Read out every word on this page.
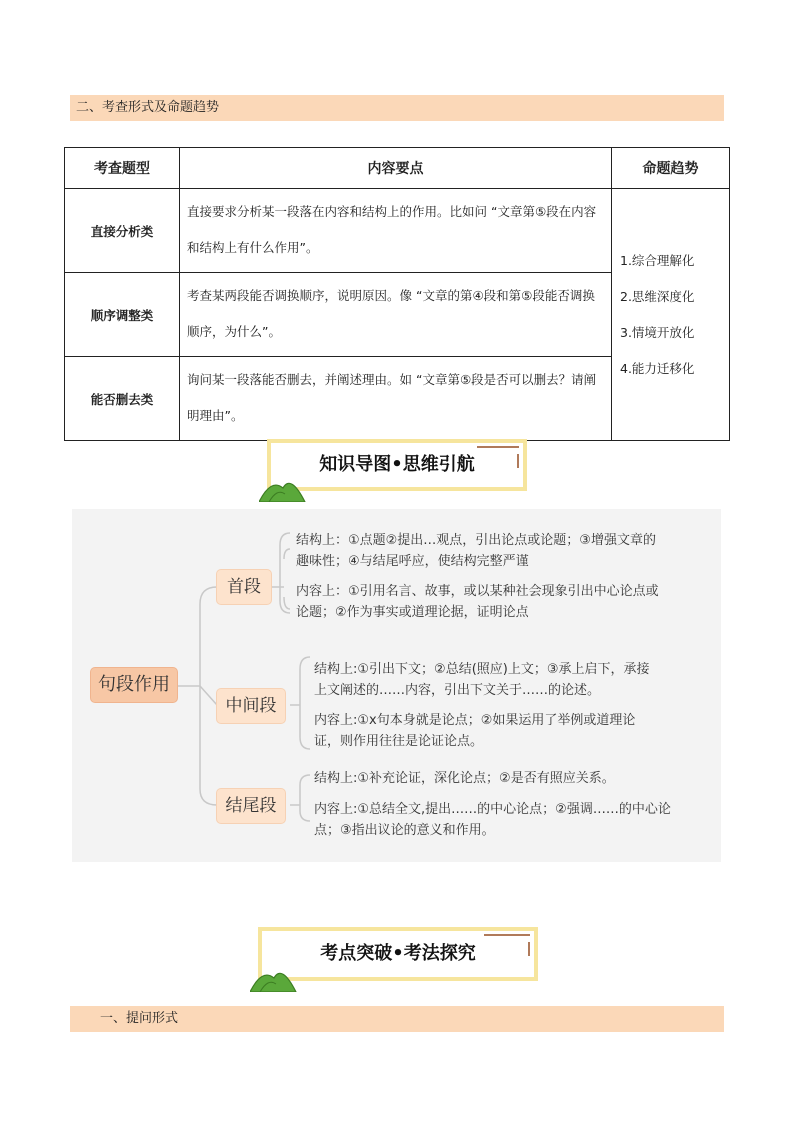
二、考查形式及命题趋势
考查题型	内容要点	命题趋势
直接分析类	直接要求分析某一段落在内容和结构上的作用。比如问 “文章第⑤段在内容和结构上有什么作用”。	1.综合理解化
2.思维深度化
3.情境开放化
4.能力迁移化

顺序调整类	考查某两段能否调换顺序，说明原因。像 “文章的第④段和第⑤段能否调换顺序，为什么”。	
能否删去类	询问某一段落能否删去，并阐述理由。如 “文章第⑤段是否可以删去？请阐明理由”。	
知识导图•思维引航
句段作用
首段
中间段
结尾段
结构上：①点题②提出…观点，引出论点或论题；③增强文章的趣味性；④与结尾呼应，使结构完整严谨
内容上：①引用名言、故事，或以某种社会现象引出中心论点或论题；②作为事实或道理论据，证明论点
结构上:①引出下文；②总结(照应)上文；③承上启下，承接上文阐述的……内容，引出下文关于……的论述。
内容上:①x句本身就是论点；②如果运用了举例或道理论证，则作用往往是论证论点。
结构上:①补充论证，深化论点；②是否有照应关系。
内容上:①总结全文,提出……的中心论点；②强调……的中心论点；③指出议论的意义和作用。
考点突破•考法探究
一、提问形式
